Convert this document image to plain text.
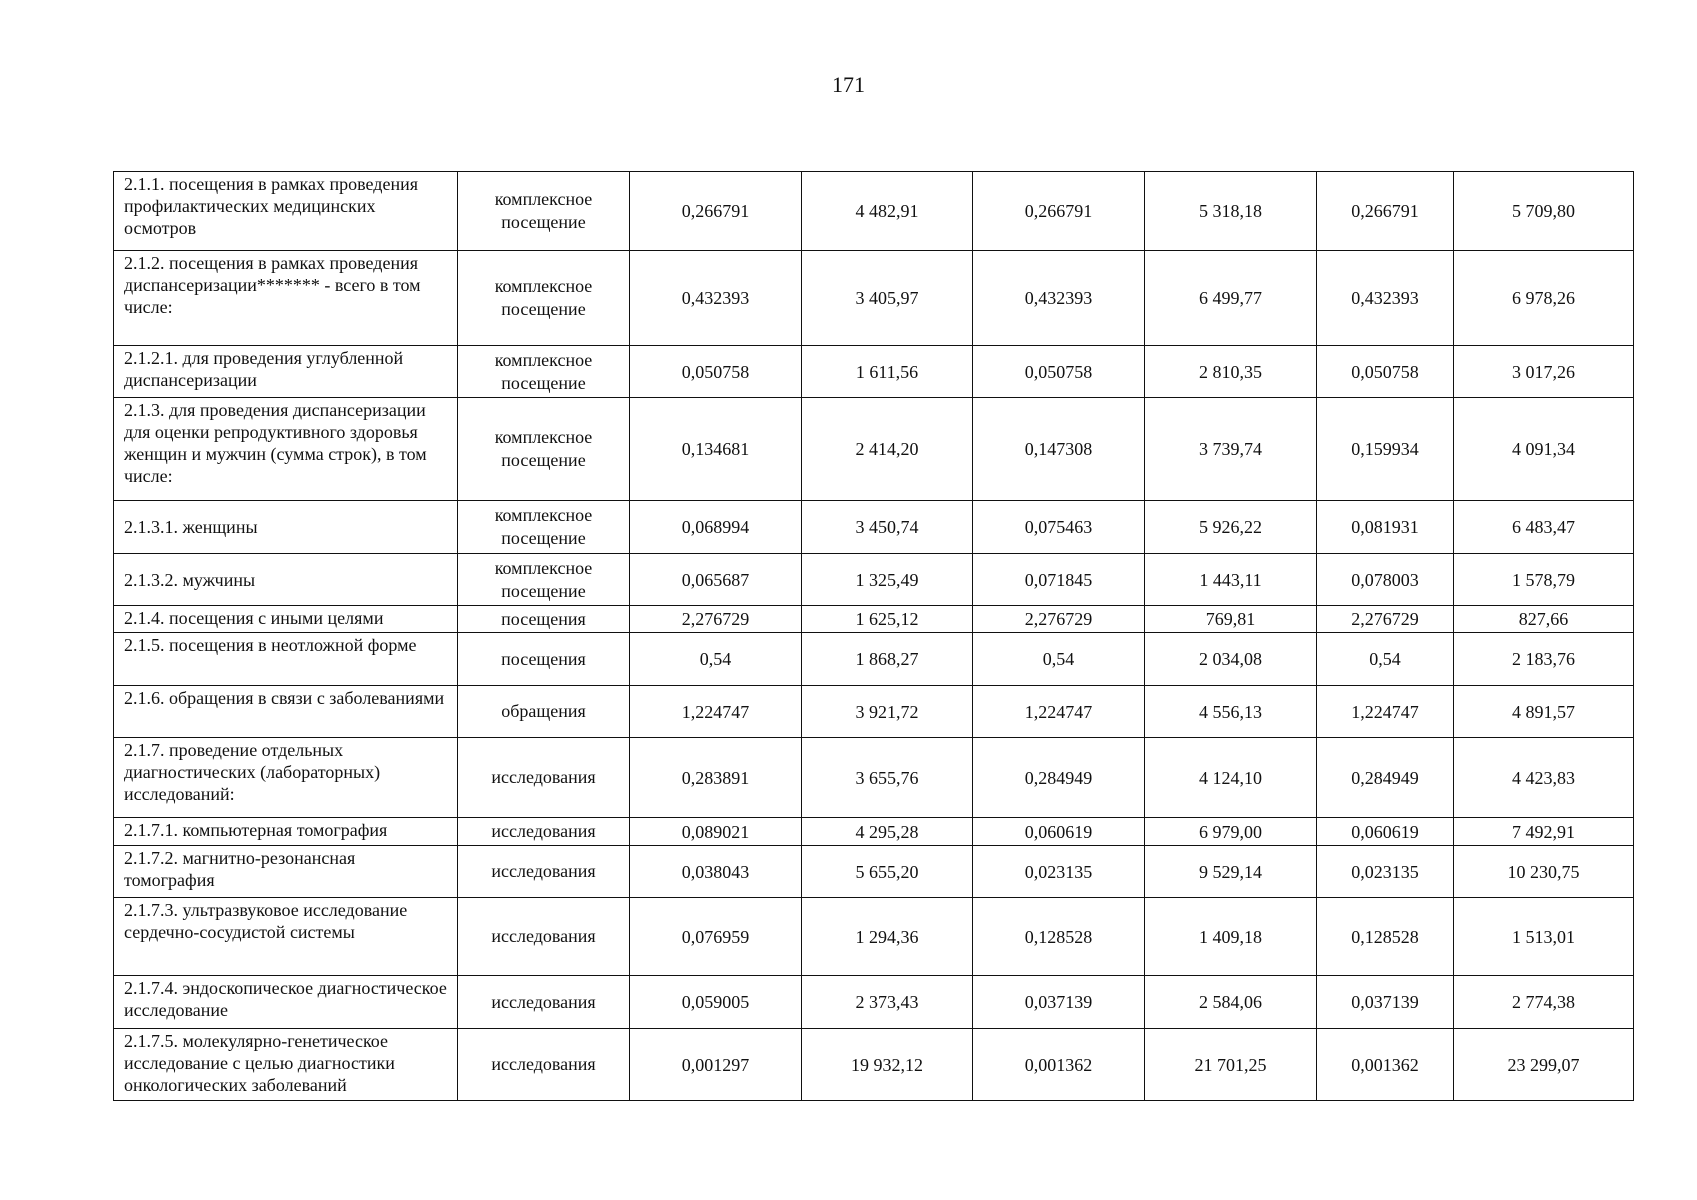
171
2.1.1. посещения в рамках проведения профилактических медицинских осмотров	комплексное посещение	0,266791	4 482,91	0,266791	5 318,18	0,266791	5 709,80
2.1.2. посещения в рамках проведения диспансеризации******* - всего в том числе:	комплексное посещение	0,432393	3 405,97	0,432393	6 499,77	0,432393	6 978,26
2.1.2.1. для проведения углубленной диспансеризации	комплексное посещение	0,050758	1 611,56	0,050758	2 810,35	0,050758	3 017,26
2.1.3. для проведения диспансеризации для оценки репродуктивного здоровья женщин и мужчин (сумма строк), в том числе:	комплексное посещение	0,134681	2 414,20	0,147308	3 739,74	0,159934	4 091,34
2.1.3.1. женщины	комплексное посещение	0,068994	3 450,74	0,075463	5 926,22	0,081931	6 483,47
2.1.3.2. мужчины	комплексное посещение	0,065687	1 325,49	0,071845	1 443,11	0,078003	1 578,79
2.1.4. посещения с иными целями	посещения	2,276729	1 625,12	2,276729	769,81	2,276729	827,66
2.1.5. посещения в неотложной форме	посещения	0,54	1 868,27	0,54	2 034,08	0,54	2 183,76
2.1.6. обращения в связи с заболеваниями	обращения	1,224747	3 921,72	1,224747	4 556,13	1,224747	4 891,57
2.1.7. проведение отдельных диагностических (лабораторных) исследований:	исследования	0,283891	3 655,76	0,284949	4 124,10	0,284949	4 423,83
2.1.7.1. компьютерная томография	исследования	0,089021	4 295,28	0,060619	6 979,00	0,060619	7 492,91
2.1.7.2. магнитно-резонансная томография	исследования	0,038043	5 655,20	0,023135	9 529,14	0,023135	10 230,75
2.1.7.3. ультразвуковое исследование сердечно-сосудистой системы	исследования	0,076959	1 294,36	0,128528	1 409,18	0,128528	1 513,01
2.1.7.4. эндоскопическое диагностическое исследование	исследования	0,059005	2 373,43	0,037139	2 584,06	0,037139	2 774,38
2.1.7.5. молекулярно-генетическое исследование с целью диагностики онкологических заболеваний	исследования	0,001297	19 932,12	0,001362	21 701,25	0,001362	23 299,07
